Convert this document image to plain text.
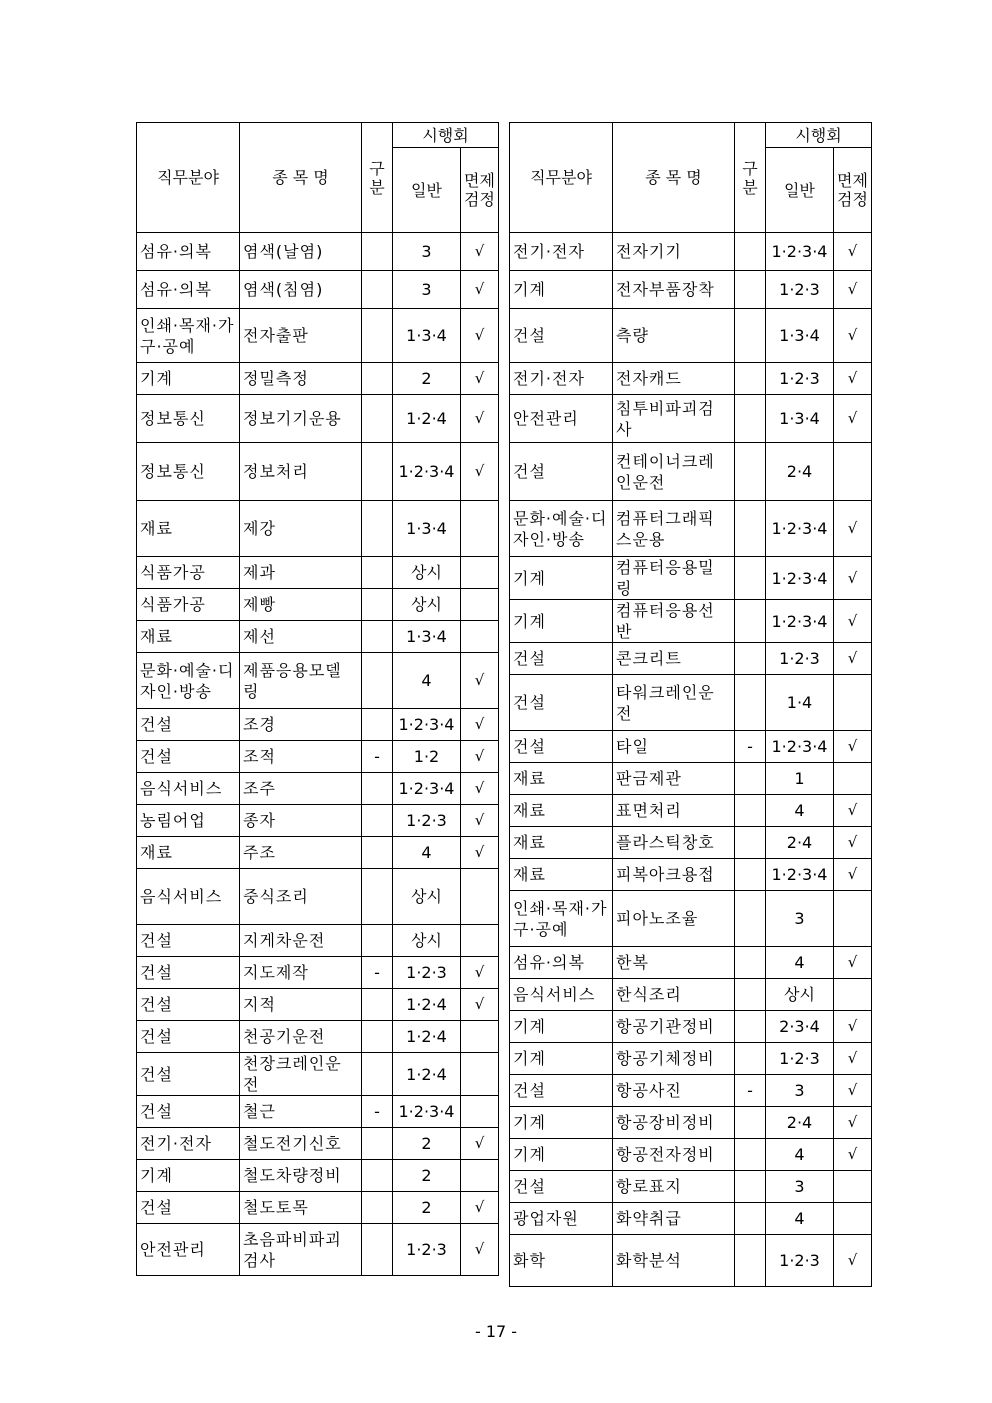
직무분야	종 목 명	구분	시행회	
			일반	면제검정
섬유·의복	염색(날염)		3	√
섬유·의복	염색(침염)		3	√
인쇄·목재·가구·공예	전자출판		1·3·4	√
기계	정밀측정		2	√
정보통신	정보기기운용		1·2·4	√
정보통신	정보처리		1·2·3·4	√
재료	제강		1·3·4	
식품가공	제과		상시	
식품가공	제빵		상시	
재료	제선		1·3·4	
문화·예술·디자인·방송	제품응용모델링		4	√
건설	조경		1·2·3·4	√
건설	조적	-	1·2	√
음식서비스	조주		1·2·3·4	√
농림어업	종자		1·2·3	√
재료	주조		4	√
음식서비스	중식조리		상시	
건설	지게차운전		상시	
건설	지도제작	-	1·2·3	√
건설	지적		1·2·4	√
건설	천공기운전		1·2·4	
건설	천장크레인운전		1·2·4	
건설	철근	-	1·2·3·4	
전기·전자	철도전기신호		2	√
기계	철도차량정비		2	
건설	철도토목		2	√
안전관리	초음파비파괴검사		1·2·3	√
직무분야	종 목 명	구분	시행회	
			일반	면제검정
전기·전자	전자기기		1·2·3·4	√
기계	전자부품장착		1·2·3	√
건설	측량		1·3·4	√
전기·전자	전자캐드		1·2·3	√
안전관리	침투비파괴검사		1·3·4	√
건설	컨테이너크레인운전		2·4	
문화·예술·디자인·방송	컴퓨터그래픽스운용		1·2·3·4	√
기계	컴퓨터응용밀링		1·2·3·4	√
기계	컴퓨터응용선반		1·2·3·4	√
건설	콘크리트		1·2·3	√
건설	타워크레인운전		1·4	
건설	타일	-	1·2·3·4	√
재료	판금제관		1	
재료	표면처리		4	√
재료	플라스틱창호		2·4	√
재료	피복아크용접		1·2·3·4	√
인쇄·목재·가구·공예	피아노조율		3	
섬유·의복	한복		4	√
음식서비스	한식조리		상시	
기계	항공기관정비		2·3·4	√
기계	항공기체정비		1·2·3	√
건설	항공사진	-	3	√
기계	항공장비정비		2·4	√
기계	항공전자정비		4	√
건설	항로표지		3	
광업자원	화약취급		4	
화학	화학분석		1·2·3	√
- 17 -
